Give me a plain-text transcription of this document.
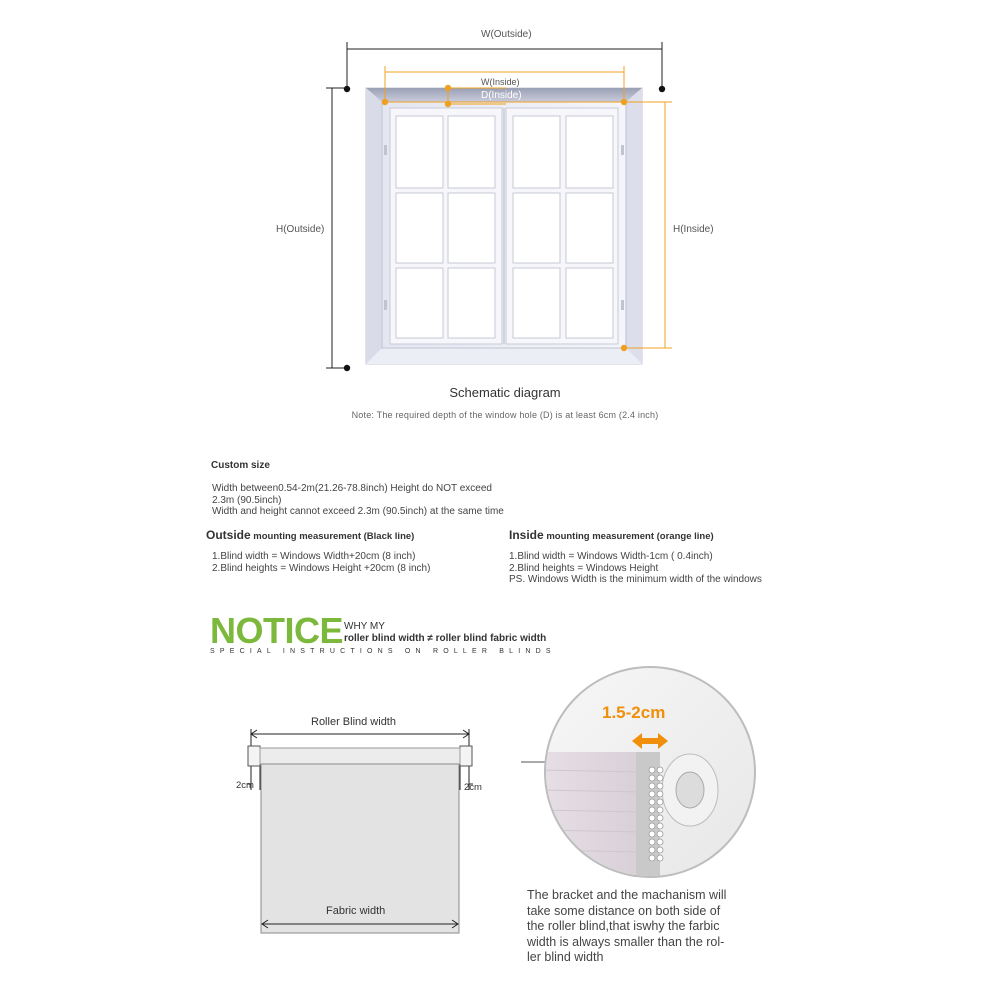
W(Outside)
W(Inside)
D(Inside)
H(Outside)	H(Inside)
Schematic diagram
Note: The required depth of the window hole (D) is at least 6cm (2.4 inch)
Custom size
Width between0.54-2m(21.26-78.8inch) Height do NOT exceed
2.3m (90.5inch)
Width and height cannot exceed 2.3m (90.5inch) at the same time
Outside mounting measurement (Black line)
1.Blind width = Windows Width+20cm (8 inch)
2.Blind heights = Windows Height +20cm (8 inch)
Inside mounting measurement (orange line)
1.Blind width = Windows Width-1cm ( 0.4inch)
2.Blind heights = Windows Height
PS. Windows Width is the minimum width of the windows
NOTICE WHY MY
roller blind width ≠ roller blind fabric width
SPECIAL INSTRUCTIONS ON ROLLER BLINDS
Roller Blind width
2cm	2cm
Fabric width
1.5-2cm
The bracket and the machanism will
take some distance on both side of
the roller blind,that iswhy the farbic
width is always smaller than the rol-
ler blind width
